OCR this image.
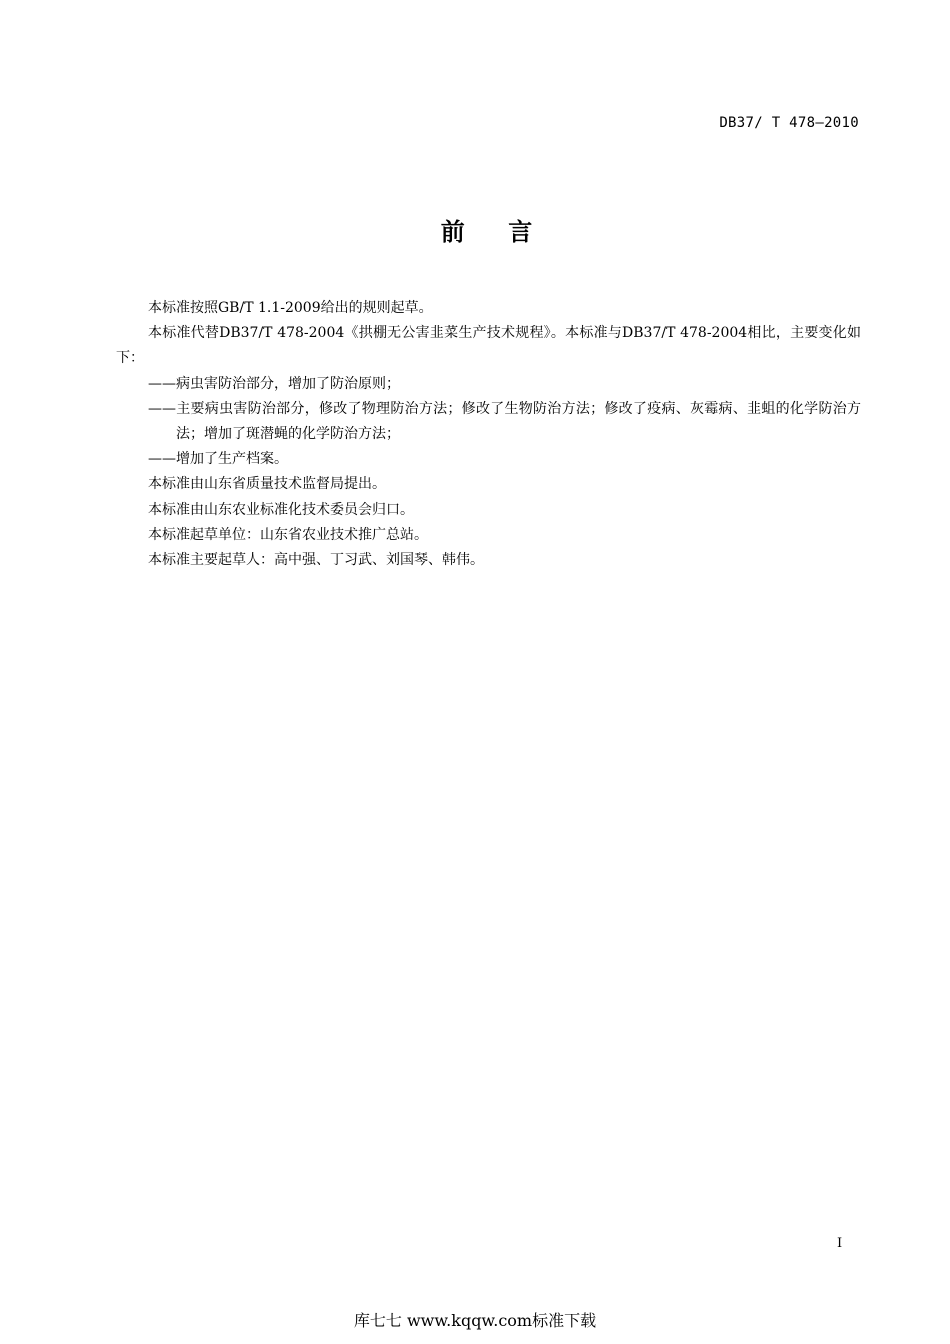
DB37/ T 478—2010
前    言

本标准按照GB/T 1.1-2009给出的规则起草。

本标准代替DB37/T 478-2004《拱棚无公害韭菜生产技术规程》。本标准与DB37/T 478-2004相比，主要变化如下：

——病虫害防治部分，增加了防治原则；

——主要病虫害防治部分，修改了物理防治方法；修改了生物防治方法；修改了疫病、灰霉病、韭蛆的化学防治方法；增加了斑潜蝇的化学防治方法；

——增加了生产档案。

本标准由山东省质量技术监督局提出。

本标准由山东农业标准化技术委员会归口。

本标准起草单位：山东省农业技术推广总站。

本标准主要起草人：高中强、丁习武、刘国琴、韩伟。

I
库七七 www.kqqw.com标准下载
